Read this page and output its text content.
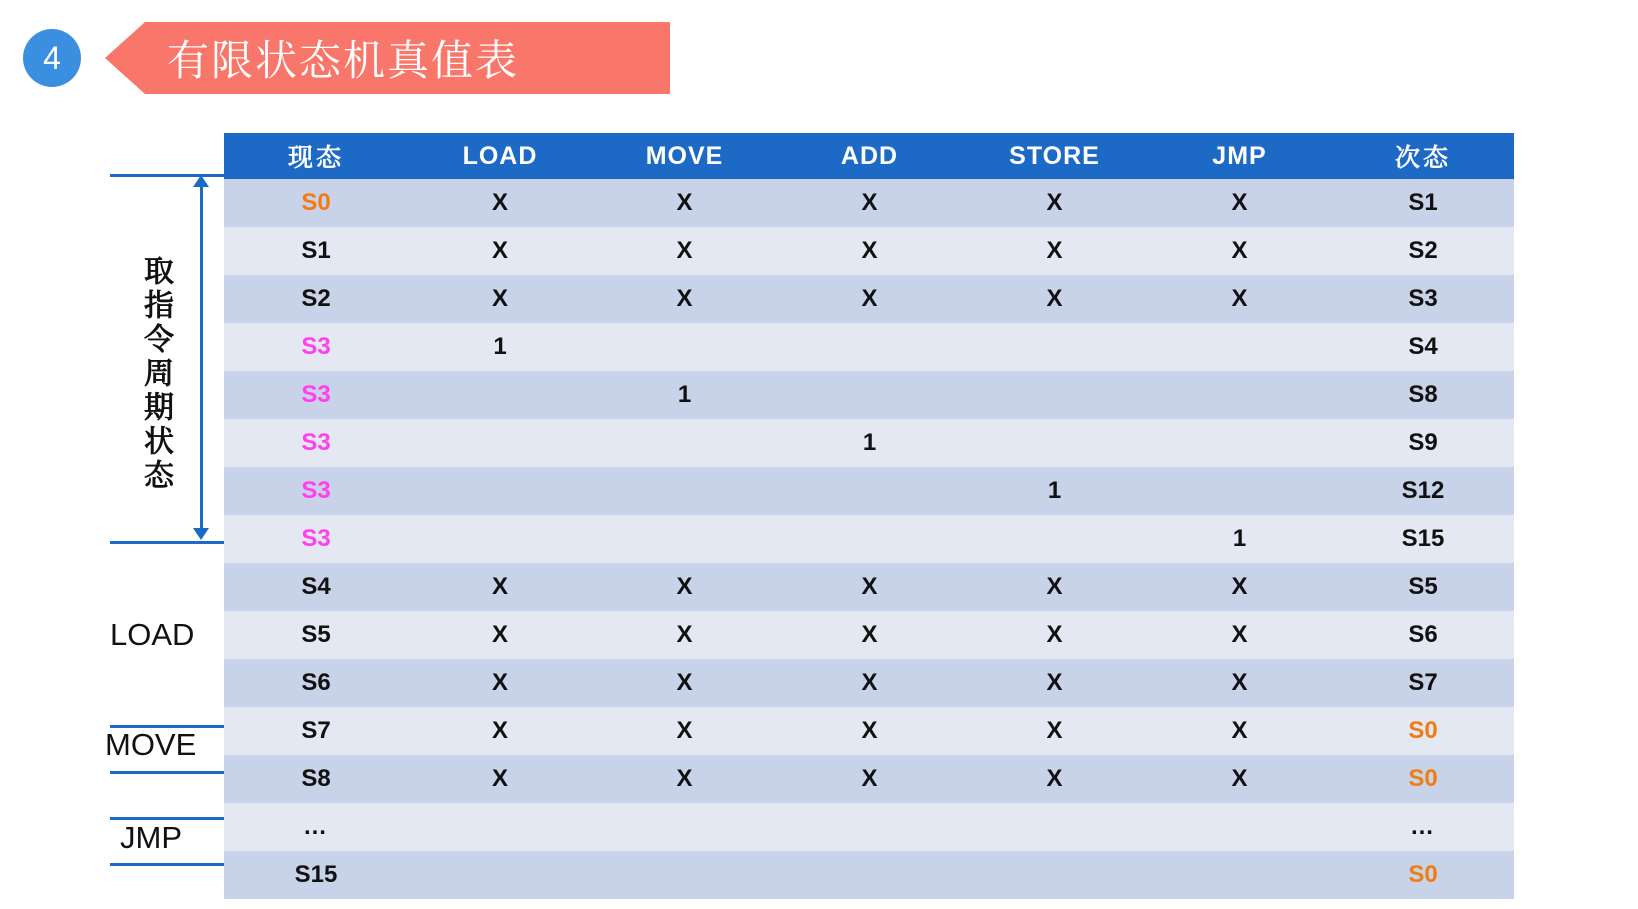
4	有限状态机真值表
取指令周期状态
LOAD
MOVE
JMP
现态	LOAD	MOVE	ADD	STORE	JMP	次态
S0	X	X	X	X	X	S1
S1	X	X	X	X	X	S2
S2	X	X	X	X	X	S3
S3	1					S4
S3		1				S8
S3			1			S9
S3				1		S12
S3					1	S15
S4	X	X	X	X	X	S5
S5	X	X	X	X	X	S6
S6	X	X	X	X	X	S7
S7	X	X	X	X	X	S0
S8	X	X	X	X	X	S0
…						…
S15						S0
